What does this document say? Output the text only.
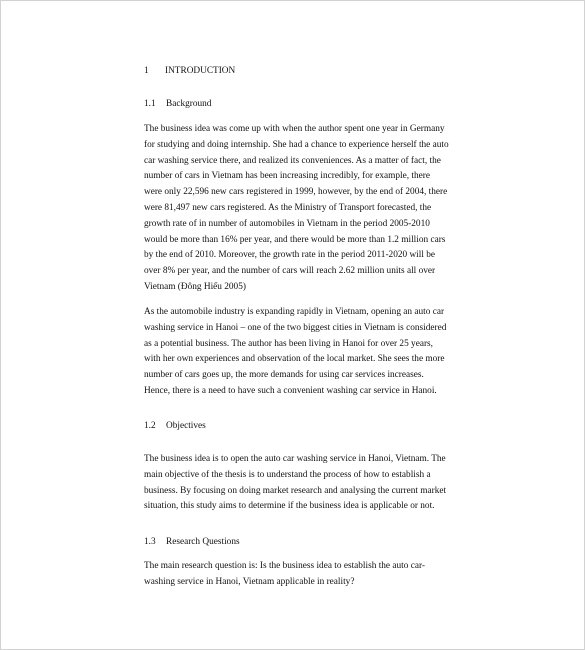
1	INTRODUCTION
1.1	Background

The business idea was come up with when the author spent one year in Germany
for studying and doing internship. She had a chance to experience herself the auto
car washing service there, and realized its conveniences. As a matter of fact, the
number of cars in Vietnam has been increasing incredibly, for example, there
were only 22,596 new cars registered in 1999, however, by the end of 2004, there
were 81,497 new cars registered. As the Ministry of Transport forecasted, the
growth rate of in number of automobiles in Vietnam in the period 2005-2010
would be more than 16% per year, and there would be more than 1.2 million cars
by the end of 2010. Moreover, the growth rate in the period 2011-2020 will be
over 8% per year, and the number of cars will reach 2.62 million units all over
Vietnam (Đông Hiếu 2005)

As the automobile industry is expanding rapidly in Vietnam, opening an auto car
washing service in Hanoi – one of the two biggest cities in Vietnam is considered
as a potential business. The author has been living in Hanoi for over 25 years,
with her own experiences and observation of the local market. She sees the more
number of cars goes up, the more demands for using car services increases.
Hence, there is a need to have such a convenient washing car service in Hanoi.

1.2	Objectives

The business idea is to open the auto car washing service in Hanoi, Vietnam. The
main objective of the thesis is to understand the process of how to establish a
business. By focusing on doing market research and analysing the current market
situation, this study aims to determine if the business idea is applicable or not.

1.3	Research Questions

The main research question is: Is the business idea to establish the auto car-
washing service in Hanoi, Vietnam applicable in reality?
